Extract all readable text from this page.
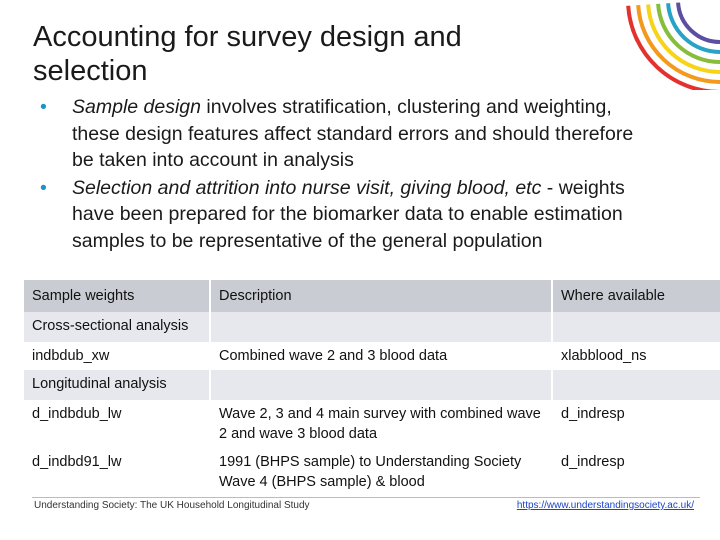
Accounting for survey design and
selection
• Sample design involves stratification, clustering and weighting,
these design features affect standard errors and should therefore
be taken into account in analysis
• Selection and attrition into nurse visit, giving blood, etc - weights
have been prepared for the biomarker data to enable estimation
samples to be representative of the general population
Sample weights	Description	Where available
Cross-sectional analysis		
indbdub_xw	Combined wave 2 and 3 blood data	xlabblood_ns
Longitudinal analysis		
d_indbdub_lw	Wave 2, 3 and 4 main survey with combined wave 2 and wave 3 blood data	d_indresp
d_indbd91_lw	1991 (BHPS sample) to Understanding Society Wave 4 (BHPS sample) & blood	d_indresp
Understanding Society: The UK Household Longitudinal Study	https://www.understandingsociety.ac.uk/
